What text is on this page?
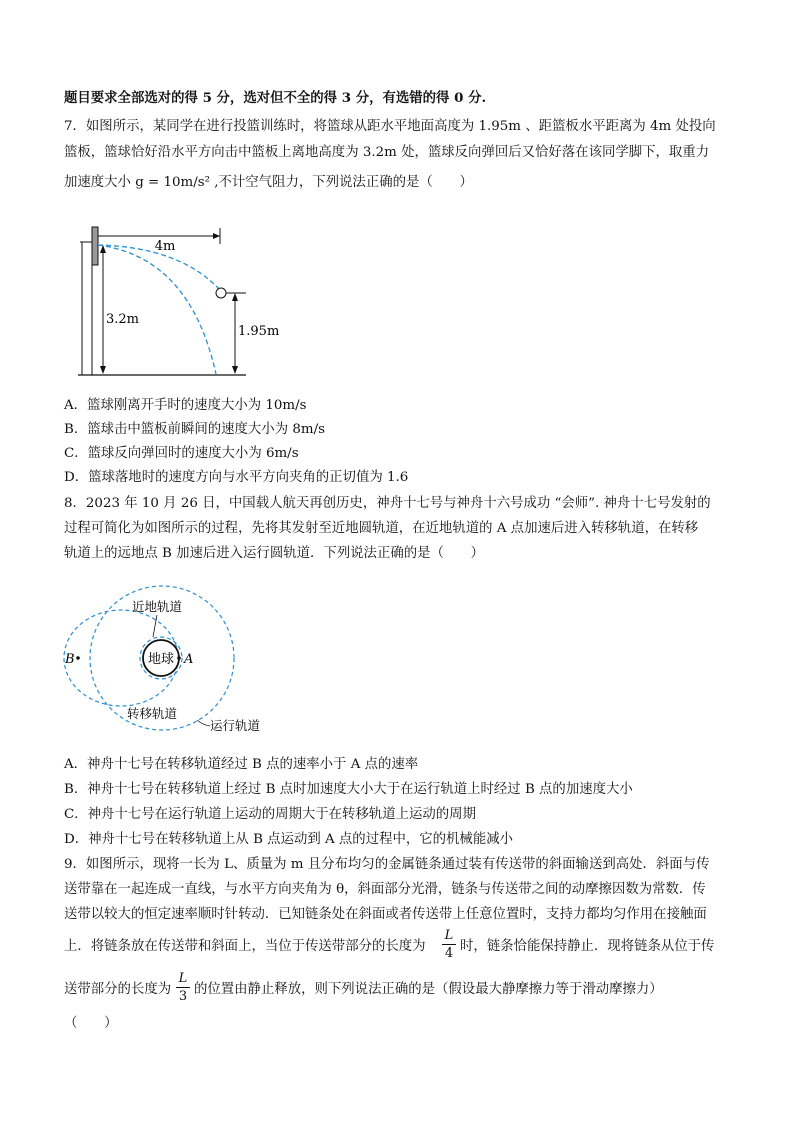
题目要求全部选对的得 5 分，选对但不全的得 3 分，有选错的得 0 分.
7．如图所示，某同学在进行投篮训练时，将篮球从距水平地面高度为 1.95m 、距篮板水平距离为 4m 处投向
篮板，篮球恰好沿水平方向击中篮板上离地高度为 3.2m 处，篮球反向弹回后又恰好落在该同学脚下，取重力
加速度大小 g = 10m/s² ,不计空气阻力，下列说法正确的是（　　）
4m
3.2m
1.95m
A．篮球刚离开手时的速度大小为 10m/s
B．篮球击中篮板前瞬间的速度大小为 8m/s
C．篮球反向弹回时的速度大小为 6m/s
D．篮球落地时的速度方向与水平方向夹角的正切值为 1.6
8．2023 年 10 月 26 日，中国载人航天再创历史，神舟十七号与神舟十六号成功 “会师”. 神舟十七号发射的
过程可简化为如图所示的过程，先将其发射至近地圆轨道，在近地轨道的 A 点加速后进入转移轨道，在转移
轨道上的远地点 B 加速后进入运行圆轨道．下列说法正确的是（　　）
地球 A
B
近地轨道
转移轨道
运行轨道
A．神舟十七号在转移轨道经过 B 点的速率小于 A 点的速率
B．神舟十七号在转移轨道上经过 B 点时加速度大小大于在运行轨道上时经过 B 点的加速度大小
C．神舟十七号在运行轨道上运动的周期大于在转移轨道上运动的周期
D．神舟十七号在转移轨道上从 B 点运动到 A 点的过程中，它的机械能减小
9．如图所示，现将一长为 L、质量为 m 且分布均匀的金属链条通过装有传送带的斜面输送到高处．斜面与传
送带靠在一起连成一直线，与水平方向夹角为 θ，斜面部分光滑，链条与传送带之间的动摩擦因数为常数．传
送带以较大的恒定速率顺时针转动．已知链条处在斜面或者传送带上任意位置时，支持力都均匀作用在接触面
上．将链条放在传送带和斜面上，当位于传送带部分的长度为
L
4 时，链条恰能保持静止．现将链条从位于传
送带部分的长度为
L
3 的位置由静止释放，则下列说法正确的是（假设最大静摩擦力等于滑动摩擦力）
（　　）
